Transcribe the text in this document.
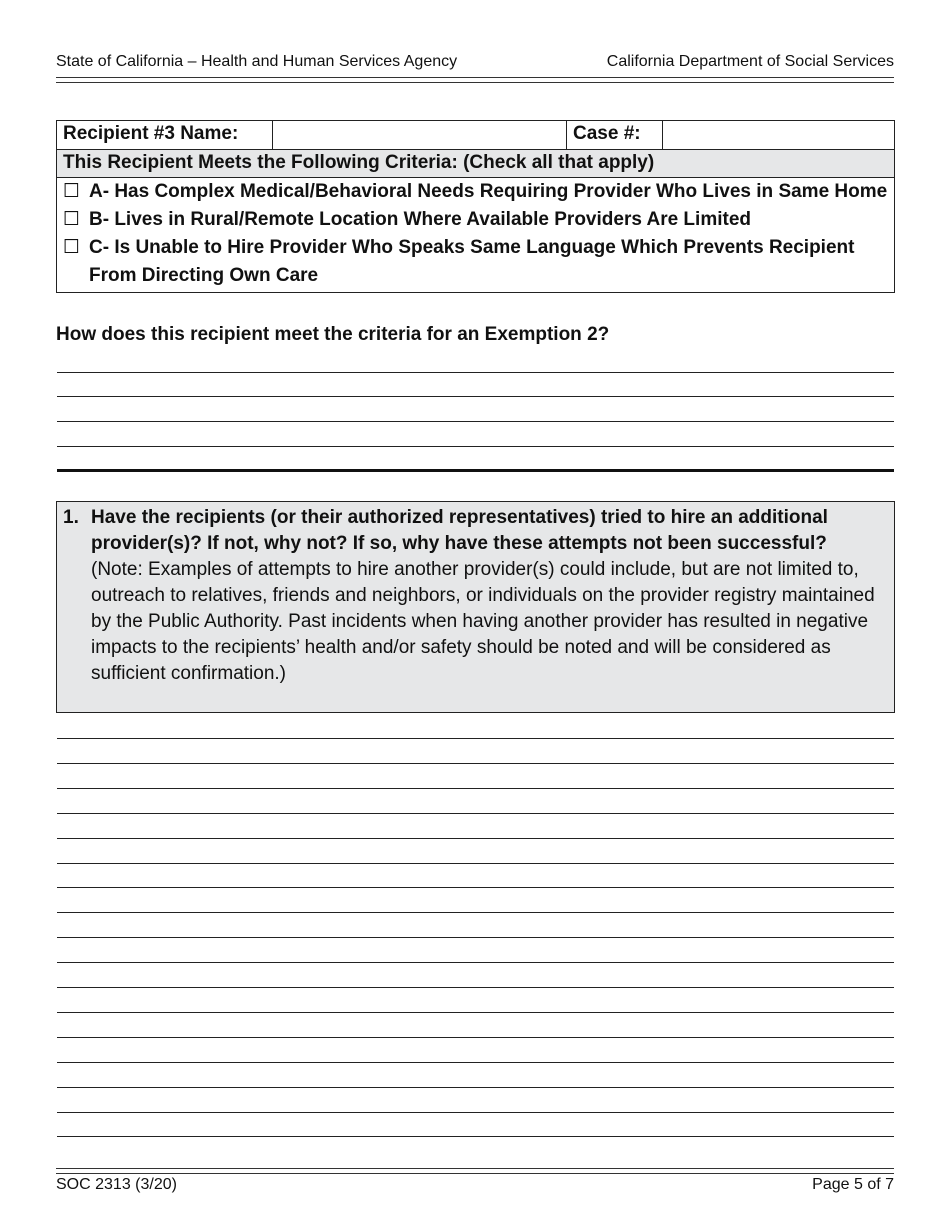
State of California – Health and Human Services Agency	California Department of Social Services
Recipient #3 Name:	Case #:
This Recipient Meets the Following Criteria: (Check all that apply)
☐ A- Has Complex Medical/Behavioral Needs Requiring Provider Who Lives in Same Home
☐ B- Lives in Rural/Remote Location Where Available Providers Are Limited
☐ C- Is Unable to Hire Provider Who Speaks Same Language Which Prevents Recipient From Directing Own Care
How does this recipient meet the criteria for an Exemption 2?
1. Have the recipients (or their authorized representatives) tried to hire an additional provider(s)? If not, why not? If so, why have these attempts not been successful?   (Note: Examples of attempts to hire another provider(s) could include, but are not limited to, outreach to relatives, friends and neighbors, or individuals on the provider registry maintained by the Public Authority. Past incidents when having another provider has resulted in negative impacts to the recipients’ health and/or safety should be noted and will be considered as sufficient confirmation.)
SOC 2313 (3/20)	Page 5 of 7
